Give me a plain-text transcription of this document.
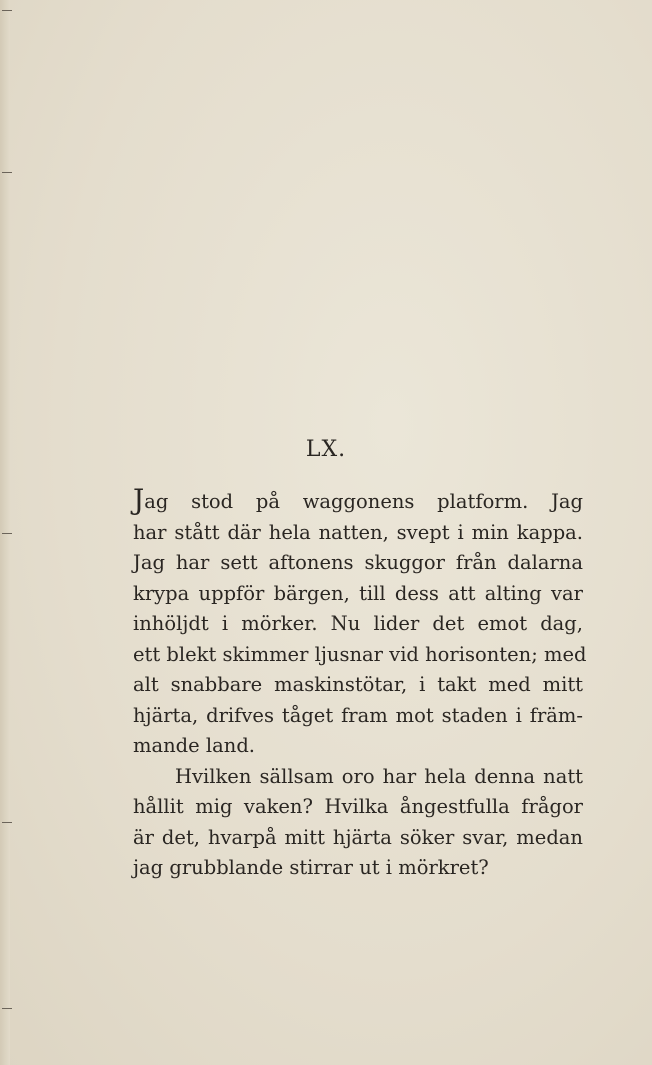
LX.

Jag stod på waggonens platform. Jag
har stått där hela natten, svept i min kappa.
Jag har sett aftonens skuggor från dalarna
krypa uppför bärgen, till dess att alting var
inhöljdt i mörker. Nu lider det emot dag,
ett blekt skimmer ljusnar vid horisonten; med
alt snabbare maskinstötar, i takt med mitt
hjärta, drifves tåget fram mot staden i främ-
mande land.

Hvilken sällsam oro har hela denna natt
hållit mig vaken? Hvilka ångestfulla frågor
är det, hvarpå mitt hjärta söker svar, medan
jag grubblande stirrar ut i mörkret?
